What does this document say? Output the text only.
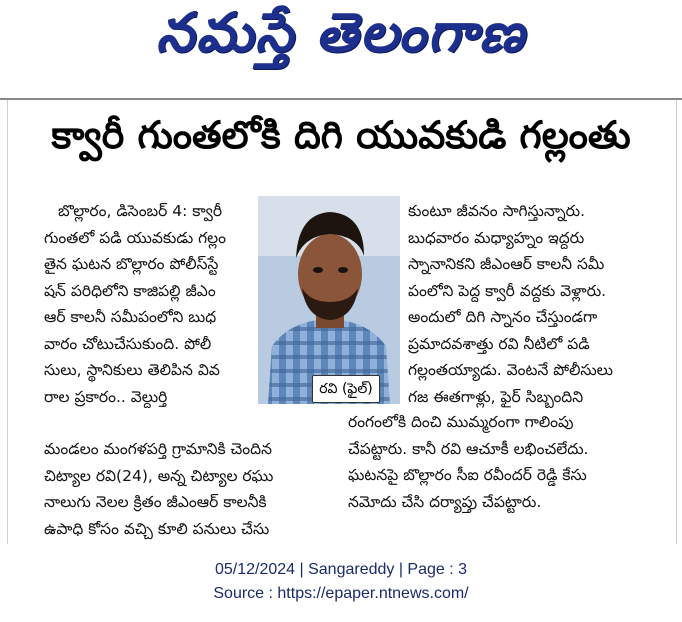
నమస్తే తెలంగాణ
క్వారీ గుంతలోకి దిగి యువకుడి గల్లంతు
బొల్లారం, డిసెంబర్ 4: క్వారీ
గుంతలో పడి యువకుడు గల్లం
తైన ఘటన బొల్లారం పోలీస్‌స్టే
షన్ పరిధిలోని కాజిపల్లి జీఎం
ఆర్ కాలనీ సమీపంలోని బుధ
వారం చోటుచేసుకుంది. పోలీ
సులు, స్థానికులు తెలిపిన వివ
రాల ప్రకారం.. వెల్దుర్తి
మండలం మంగళపర్తి గ్రామానికి చెందిన
చిట్యాల రవి(24), అన్న చిట్యాల రఘు
నాలుగు నెలల క్రితం జీఎంఆర్ కాలనీకి
ఉపాధి కోసం వచ్చి కూలి పనులు చేసు
రవి (ఫైల్)
కుంటూ జీవనం సాగిస్తున్నారు.
బుధవారం మధ్యాహ్నం ఇద్దరు
స్నానానికని జీఎంఆర్ కాలనీ సమీ
పంలోని పెద్ద క్వారీ వద్దకు వెళ్లారు.
అందులో దిగి స్నానం చేస్తుండగా
ప్రమాదవశాత్తు రవి నీటిలో పడి
గల్లంతయ్యాడు. వెంటనే పోలీసులు
గజ ఈతగాళ్లు, ఫైర్ సిబ్బందిని
రంగంలోకి దించి ముమ్మరంగా గాలింపు
చేపట్టారు. కానీ రవి ఆచూకీ లభించలేదు.
ఘటనపై బొల్లారం సీఐ రవీందర్ రెడ్డి కేసు
నమోదు చేసి దర్యాప్తు చేపట్టారు.
05/12/2024 | Sangareddy | Page : 3
Source : https://epaper.ntnews.com/
